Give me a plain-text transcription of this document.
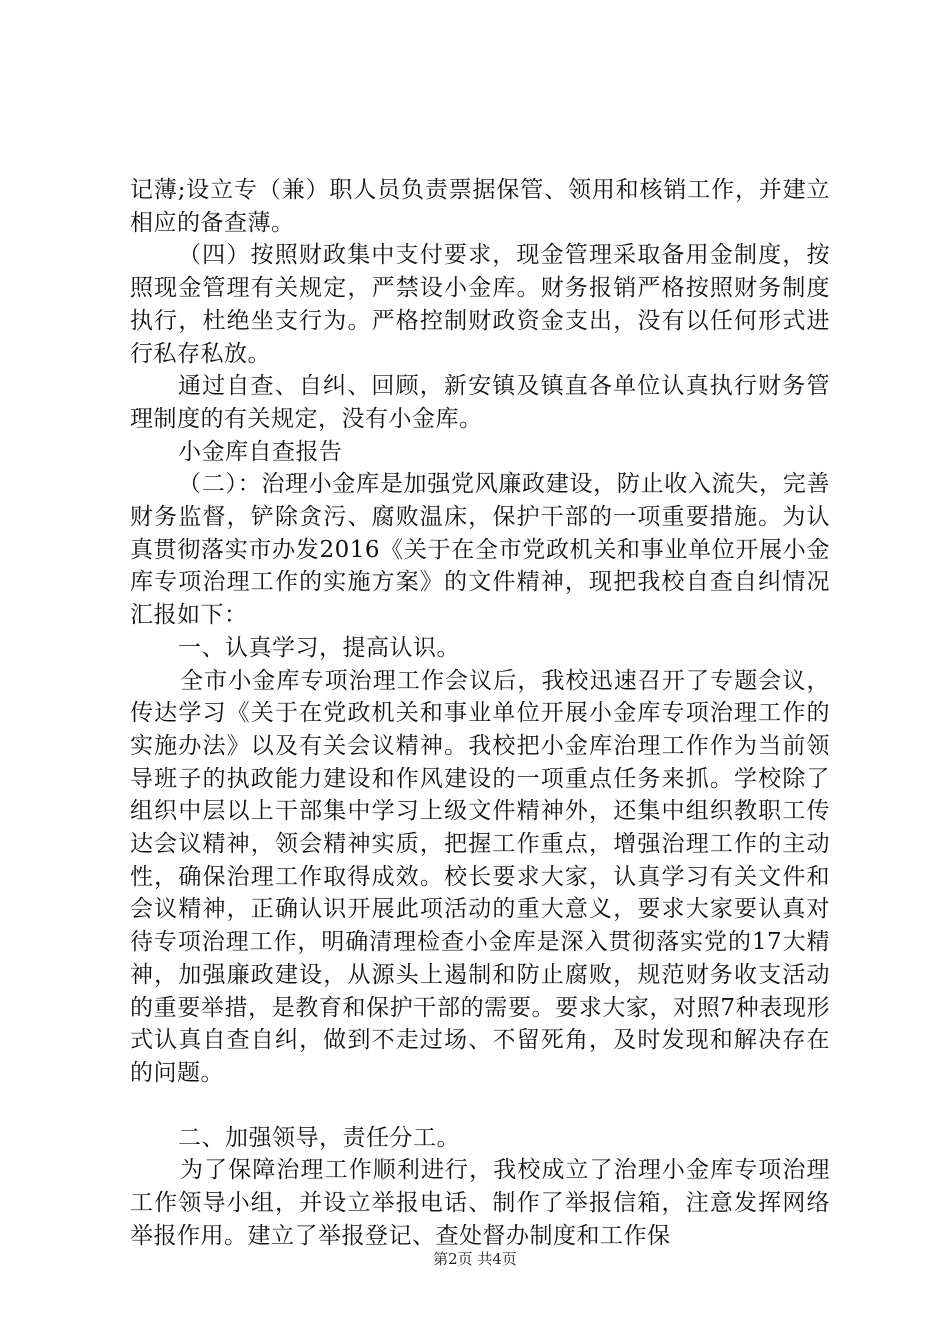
记薄;设立专（兼）职人员负责票据保管、领用和核销工作，并建立相应的备查薄。

（四）按照财政集中支付要求，现金管理采取备用金制度，按照现金管理有关规定，严禁设小金库。财务报销严格按照财务制度执行，杜绝坐支行为。严格控制财政资金支出，没有以任何形式进行私存私放。

通过自查、自纠、回顾，新安镇及镇直各单位认真执行财务管理制度的有关规定，没有小金库。

小金库自查报告

（二）：治理小金库是加强党风廉政建设，防止收入流失，完善财务监督，铲除贪污、腐败温床，保护干部的一项重要措施。为认真贯彻落实市办发2016《关于在全市党政机关和事业单位开展小金库专项治理工作的实施方案》的文件精神，现把我校自查自纠情况汇报如下：

一、认真学习，提高认识。

全市小金库专项治理工作会议后，我校迅速召开了专题会议，传达学习《关于在党政机关和事业单位开展小金库专项治理工作的实施办法》以及有关会议精神。我校把小金库治理工作作为当前领导班子的执政能力建设和作风建设的一项重点任务来抓。学校除了组织中层以上干部集中学习上级文件精神外，还集中组织教职工传达会议精神，领会精神实质，把握工作重点，增强治理工作的主动性，确保治理工作取得成效。校长要求大家，认真学习有关文件和会议精神，正确认识开展此项活动的重大意义，要求大家要认真对待专项治理工作，明确清理检查小金库是深入贯彻落实党的17大精神，加强廉政建设，从源头上遏制和防止腐败，规范财务收支活动的重要举措，是教育和保护干部的需要。要求大家，对照7种表现形式认真自查自纠，做到不走过场、不留死角，及时发现和解决存在的问题。

二、加强领导，责任分工。

为了保障治理工作顺利进行，我校成立了治理小金库专项治理工作领导小组，并设立举报电话、制作了举报信箱，注意发挥网络举报作用。建立了举报登记、查处督办制度和工作保

第2页 共4页
